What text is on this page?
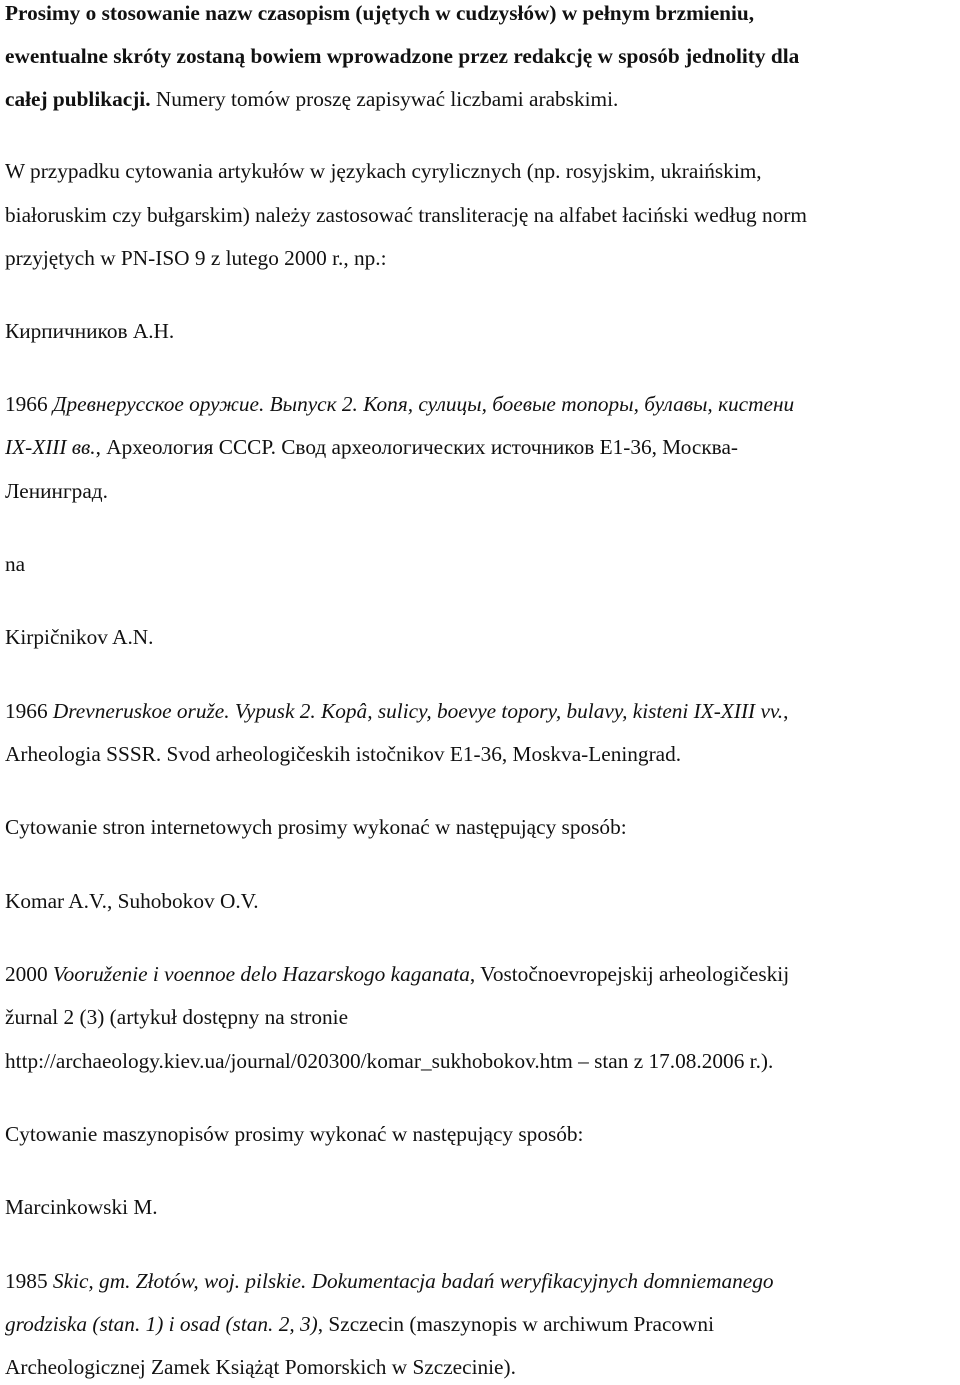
Prosimy o stosowanie nazw czasopism (ujętych w cudzysłów) w pełnym brzmieniu,
ewentualne skróty zostaną bowiem wprowadzone przez redakcję w sposób jednolity dla
całej publikacji. Numery tomów proszę zapisywać liczbami arabskimi.
W przypadku cytowania artykułów w językach cyrylicznych (np. rosyjskim, ukraińskim,
białoruskim czy bułgarskim) należy zastosować transliterację na alfabet łaciński według norm
przyjętych w PN-ISO 9 z lutego 2000 r., np.:
Кирпичников А.Н.
1966 Древнерусское оружие. Выпуск 2. Копя, сулицы, боевые топоры, булавы, кистени
IX-XIII вв., Археология СССР. Свод археологических источников Е1-36, Москва-
Ленинград.
na
Kirpičnikov A.N.
1966 Drevneruskoe oruže. Vypusk 2. Kopâ, sulicy, boevye topory, bulavy, kisteni IX-XIII vv.,
Arheologia SSSR. Svod arheologičeskih istočnikov E1-36, Moskva-Leningrad.
Cytowanie stron internetowych prosimy wykonać w następujący sposób:
Komar A.V., Suhobokov O.V.
2000 Vooruženie i voennoe delo Hazarskogo kaganata, Vostočnoevropejskij arheologičeskij
žurnal 2 (3) (artykuł dostępny na stronie
http://archaeology.kiev.ua/journal/020300/komar_sukhobokov.htm – stan z 17.08.2006 r.).
Cytowanie maszynopisów prosimy wykonać w następujący sposób:
Marcinkowski M.
1985 Skic, gm. Złotów, woj. pilskie. Dokumentacja badań weryfikacyjnych domniemanego
grodziska (stan. 1) i osad (stan. 2, 3), Szczecin (maszynopis w archiwum Pracowni
Archeologicznej Zamek Książąt Pomorskich w Szczecinie).
